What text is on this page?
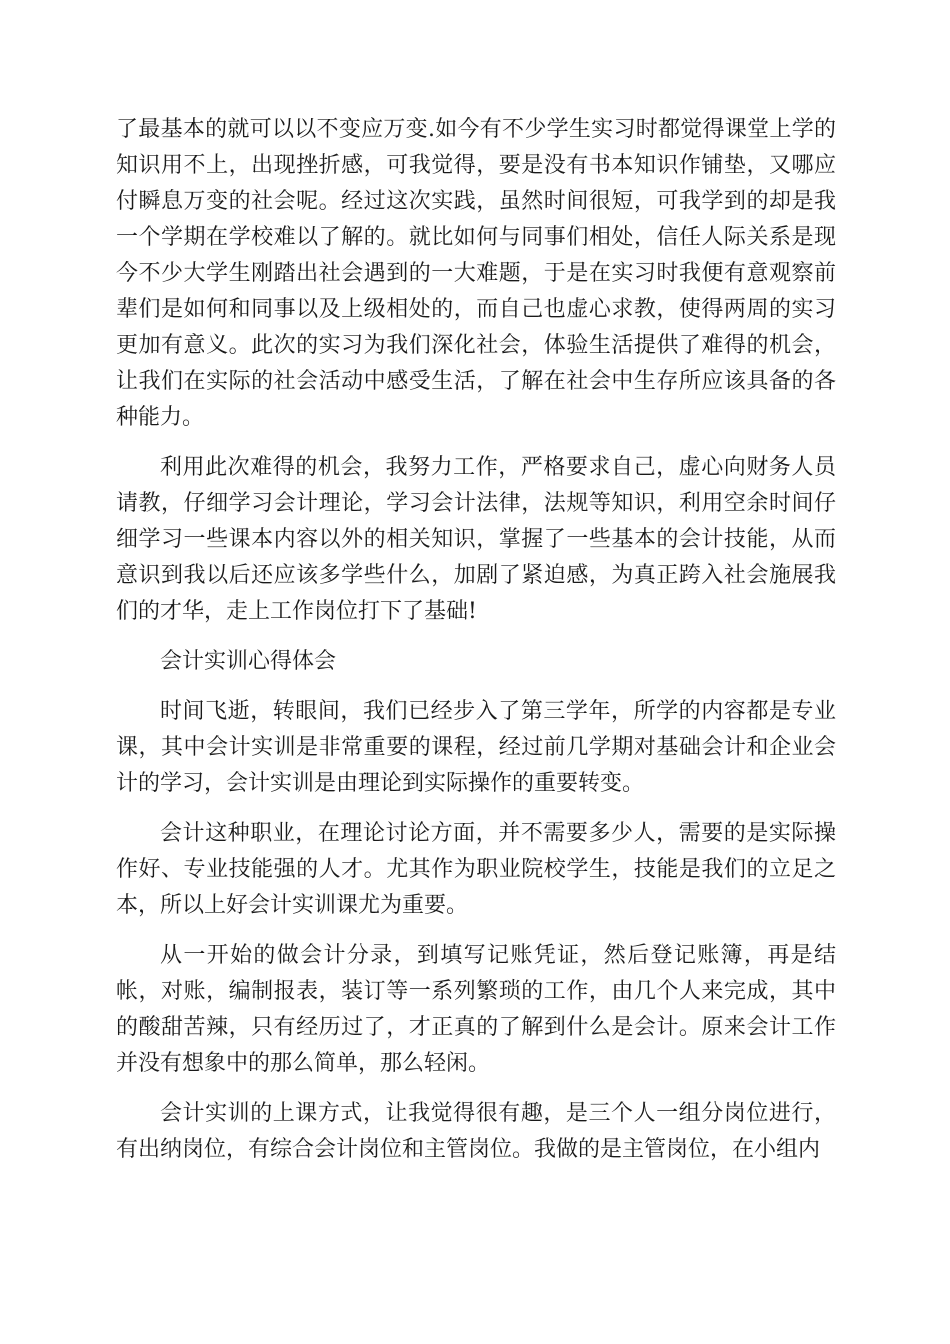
了最基本的就可以以不变应万变.如今有不少学生实习时都觉得课堂上学的知识用不上，出现挫折感，可我觉得，要是没有书本知识作铺垫，又哪应付瞬息万变的社会呢。经过这次实践，虽然时间很短，可我学到的却是我一个学期在学校难以了解的。就比如何与同事们相处，信任人际关系是现今不少大学生刚踏出社会遇到的一大难题，于是在实习时我便有意观察前辈们是如何和同事以及上级相处的，而自己也虚心求教，使得两周的实习更加有意义。此次的实习为我们深化社会，体验生活提供了难得的机会，让我们在实际的社会活动中感受生活，了解在社会中生存所应该具备的各种能力。

利用此次难得的机会，我努力工作，严格要求自己，虚心向财务人员请教，仔细学习会计理论，学习会计法律，法规等知识，利用空余时间仔细学习一些课本内容以外的相关知识，掌握了一些基本的会计技能，从而意识到我以后还应该多学些什么，加剧了紧迫感，为真正跨入社会施展我们的才华，走上工作岗位打下了基础!

会计实训心得体会

时间飞逝，转眼间，我们已经步入了第三学年，所学的内容都是专业课，其中会计实训是非常重要的课程，经过前几学期对基础会计和企业会计的学习，会计实训是由理论到实际操作的重要转变。

会计这种职业，在理论讨论方面，并不需要多少人，需要的是实际操作好、专业技能强的人才。尤其作为职业院校学生，技能是我们的立足之本，所以上好会计实训课尤为重要。

从一开始的做会计分录，到填写记账凭证，然后登记账簿，再是结帐，对账，编制报表，装订等一系列繁琐的工作，由几个人来完成，其中的酸甜苦辣，只有经历过了，才正真的了解到什么是会计。原来会计工作并没有想象中的那么简单，那么轻闲。

会计实训的上课方式，让我觉得很有趣，是三个人一组分岗位进行，有出纳岗位，有综合会计岗位和主管岗位。我做的是主管岗位，在小组内
